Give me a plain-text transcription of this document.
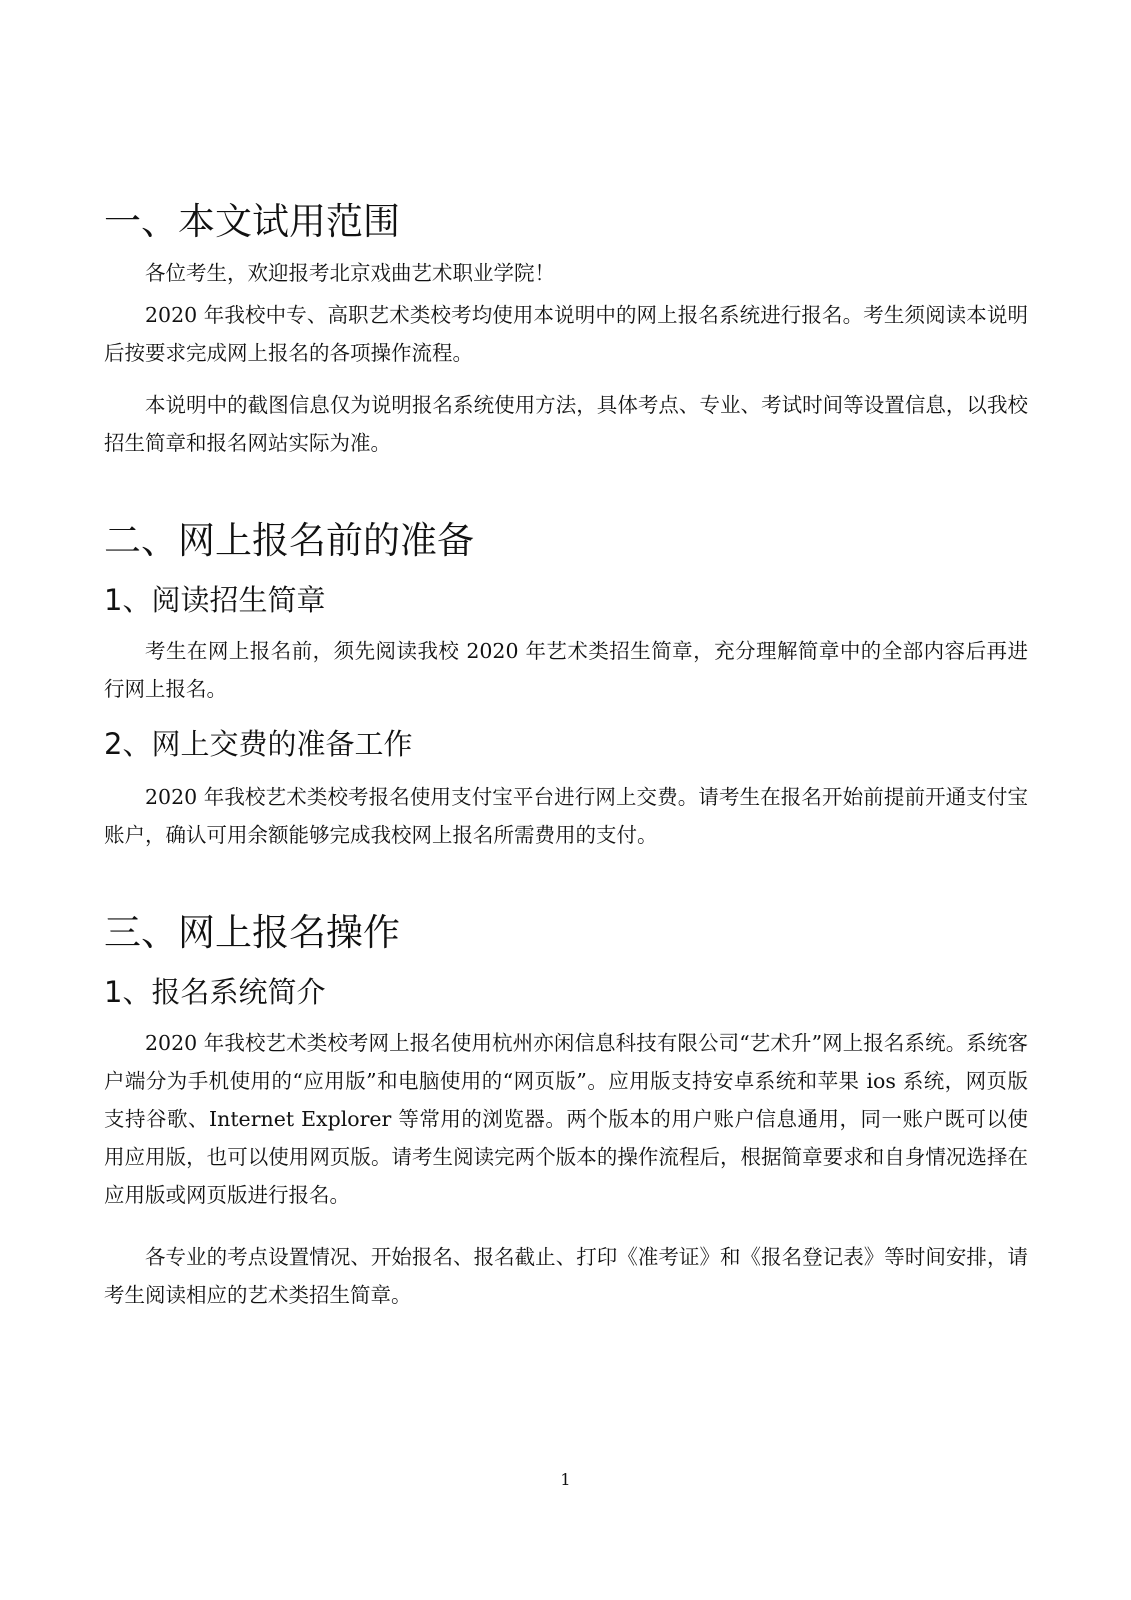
一、本文试用范围
各位考生，欢迎报考北京戏曲艺术职业学院！
2020 年我校中专、高职艺术类校考均使用本说明中的网上报名系统进行报名。考生须阅读本说明后按要求完成网上报名的各项操作流程。
本说明中的截图信息仅为说明报名系统使用方法，具体考点、专业、考试时间等设置信息，以我校招生简章和报名网站实际为准。
二、网上报名前的准备
1、阅读招生简章
考生在网上报名前，须先阅读我校 2020 年艺术类招生简章，充分理解简章中的全部内容后再进行网上报名。
2、网上交费的准备工作
2020 年我校艺术类校考报名使用支付宝平台进行网上交费。请考生在报名开始前提前开通支付宝账户，确认可用余额能够完成我校网上报名所需费用的支付。
三、网上报名操作
1、报名系统简介
2020 年我校艺术类校考网上报名使用杭州亦闲信息科技有限公司“艺术升”网上报名系统。系统客户端分为手机使用的“应用版”和电脑使用的“网页版”。应用版支持安卓系统和苹果 ios 系统，网页版支持谷歌、Internet Explorer 等常用的浏览器。两个版本的用户账户信息通用，同一账户既可以使用应用版，也可以使用网页版。请考生阅读完两个版本的操作流程后，根据简章要求和自身情况选择在应用版或网页版进行报名。
各专业的考点设置情况、开始报名、报名截止、打印《准考证》和《报名登记表》等时间安排，请考生阅读相应的艺术类招生简章。
1
